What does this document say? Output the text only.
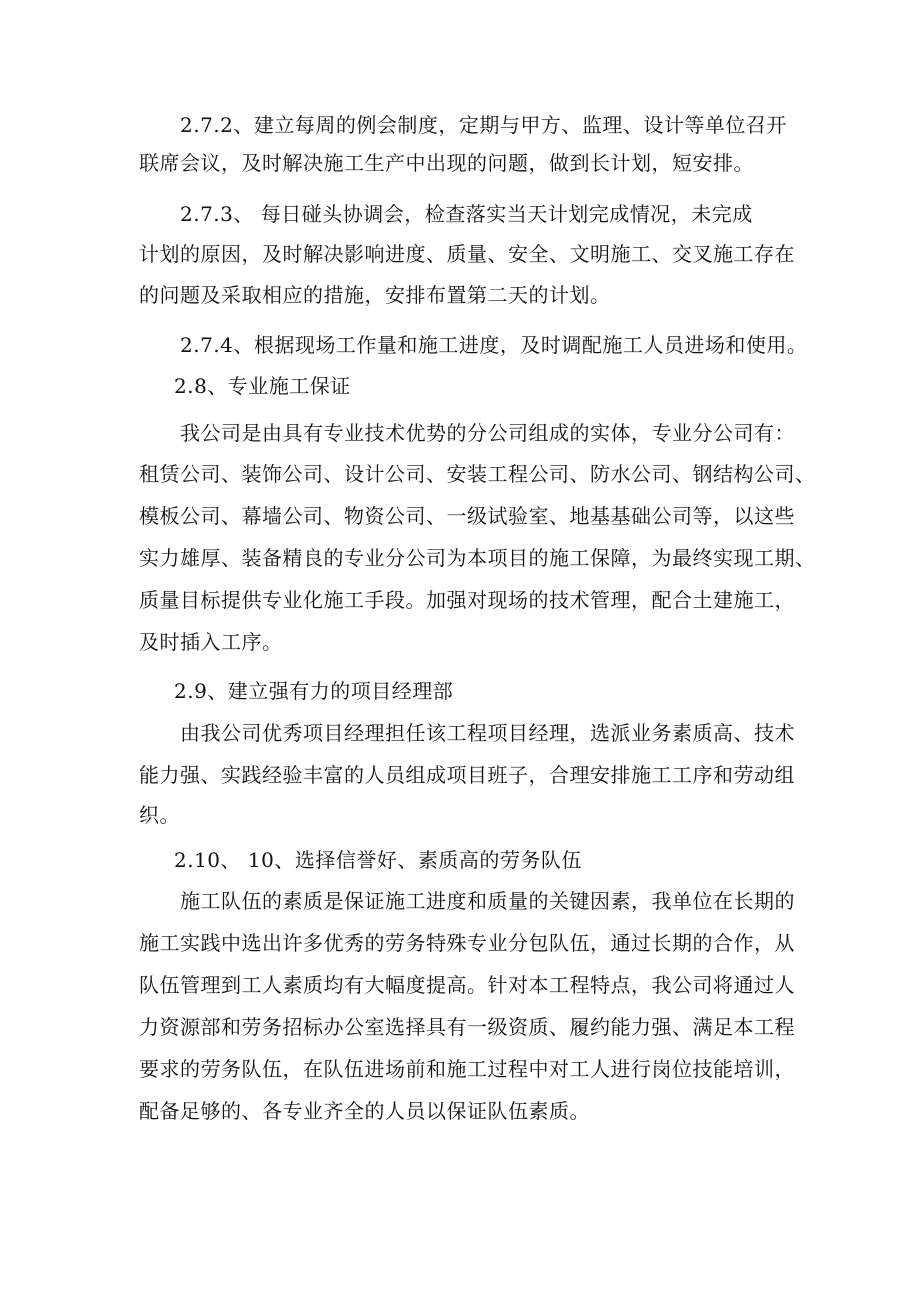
2.7.2、建立每周的例会制度，定期与甲方、监理、设计等单位召开
联席会议，及时解决施工生产中出现的问题，做到长计划，短安排。
2.7.3、 每日碰头协调会，检查落实当天计划完成情况，未完成
计划的原因，及时解决影响进度、质量、安全、文明施工、交叉施工存在
的问题及采取相应的措施，安排布置第二天的计划。
2.7.4、根据现场工作量和施工进度，及时调配施工人员进场和使用。
2.8、专业施工保证
我公司是由具有专业技术优势的分公司组成的实体，专业分公司有：
租赁公司、装饰公司、设计公司、安装工程公司、防水公司、钢结构公司、
模板公司、幕墙公司、物资公司、一级试验室、地基基础公司等，以这些
实力雄厚、装备精良的专业分公司为本项目的施工保障，为最终实现工期、
质量目标提供专业化施工手段。加强对现场的技术管理，配合土建施工，
及时插入工序。
2.9、建立强有力的项目经理部
由我公司优秀项目经理担任该工程项目经理，选派业务素质高、技术
能力强、实践经验丰富的人员组成项目班子，合理安排施工工序和劳动组
织。
2.10、 10、选择信誉好、素质高的劳务队伍
施工队伍的素质是保证施工进度和质量的关键因素，我单位在长期的
施工实践中选出许多优秀的劳务特殊专业分包队伍，通过长期的合作，从
队伍管理到工人素质均有大幅度提高。针对本工程特点，我公司将通过人
力资源部和劳务招标办公室选择具有一级资质、履约能力强、满足本工程
要求的劳务队伍，在队伍进场前和施工过程中对工人进行岗位技能培训，
配备足够的、各专业齐全的人员以保证队伍素质。
